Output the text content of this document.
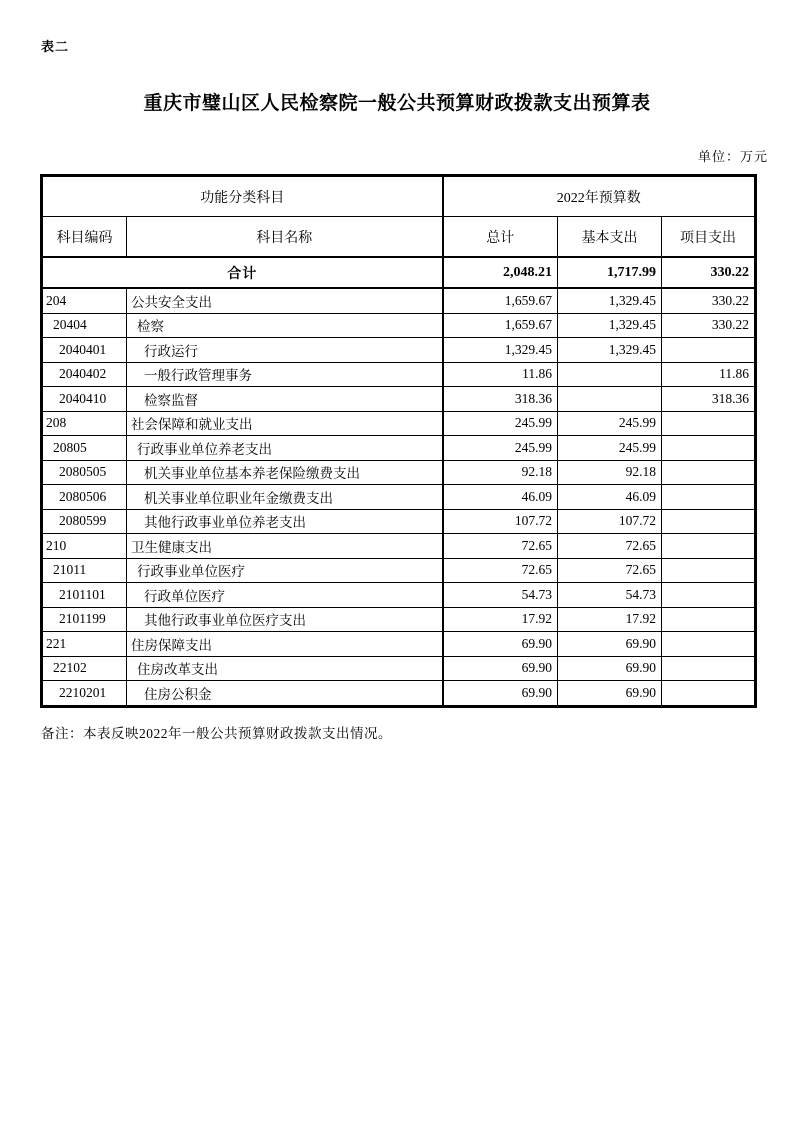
表二
重庆市璧山区人民检察院一般公共预算财政拨款支出预算表
单位：万元
功能分类科目		2022年预算数		
科目编码	科目名称	总计	基本支出	项目支出
合计		2,048.21	1,717.99	330.22
204	公共安全支出	1,659.67	1,329.45	330.22
20404	检察	1,659.67	1,329.45	330.22
2040401	行政运行	1,329.45	1,329.45	
2040402	一般行政管理事务	11.86		11.86
2040410	检察监督	318.36		318.36
208	社会保障和就业支出	245.99	245.99	
20805	行政事业单位养老支出	245.99	245.99	
2080505	机关事业单位基本养老保险缴费支出	92.18	92.18	
2080506	机关事业单位职业年金缴费支出	46.09	46.09	
2080599	其他行政事业单位养老支出	107.72	107.72	
210	卫生健康支出	72.65	72.65	
21011	行政事业单位医疗	72.65	72.65	
2101101	行政单位医疗	54.73	54.73	
2101199	其他行政事业单位医疗支出	17.92	17.92	
221	住房保障支出	69.90	69.90	
22102	住房改革支出	69.90	69.90	
2210201	住房公积金	69.90	69.90	
备注：本表反映2022年一般公共预算财政拨款支出情况。
